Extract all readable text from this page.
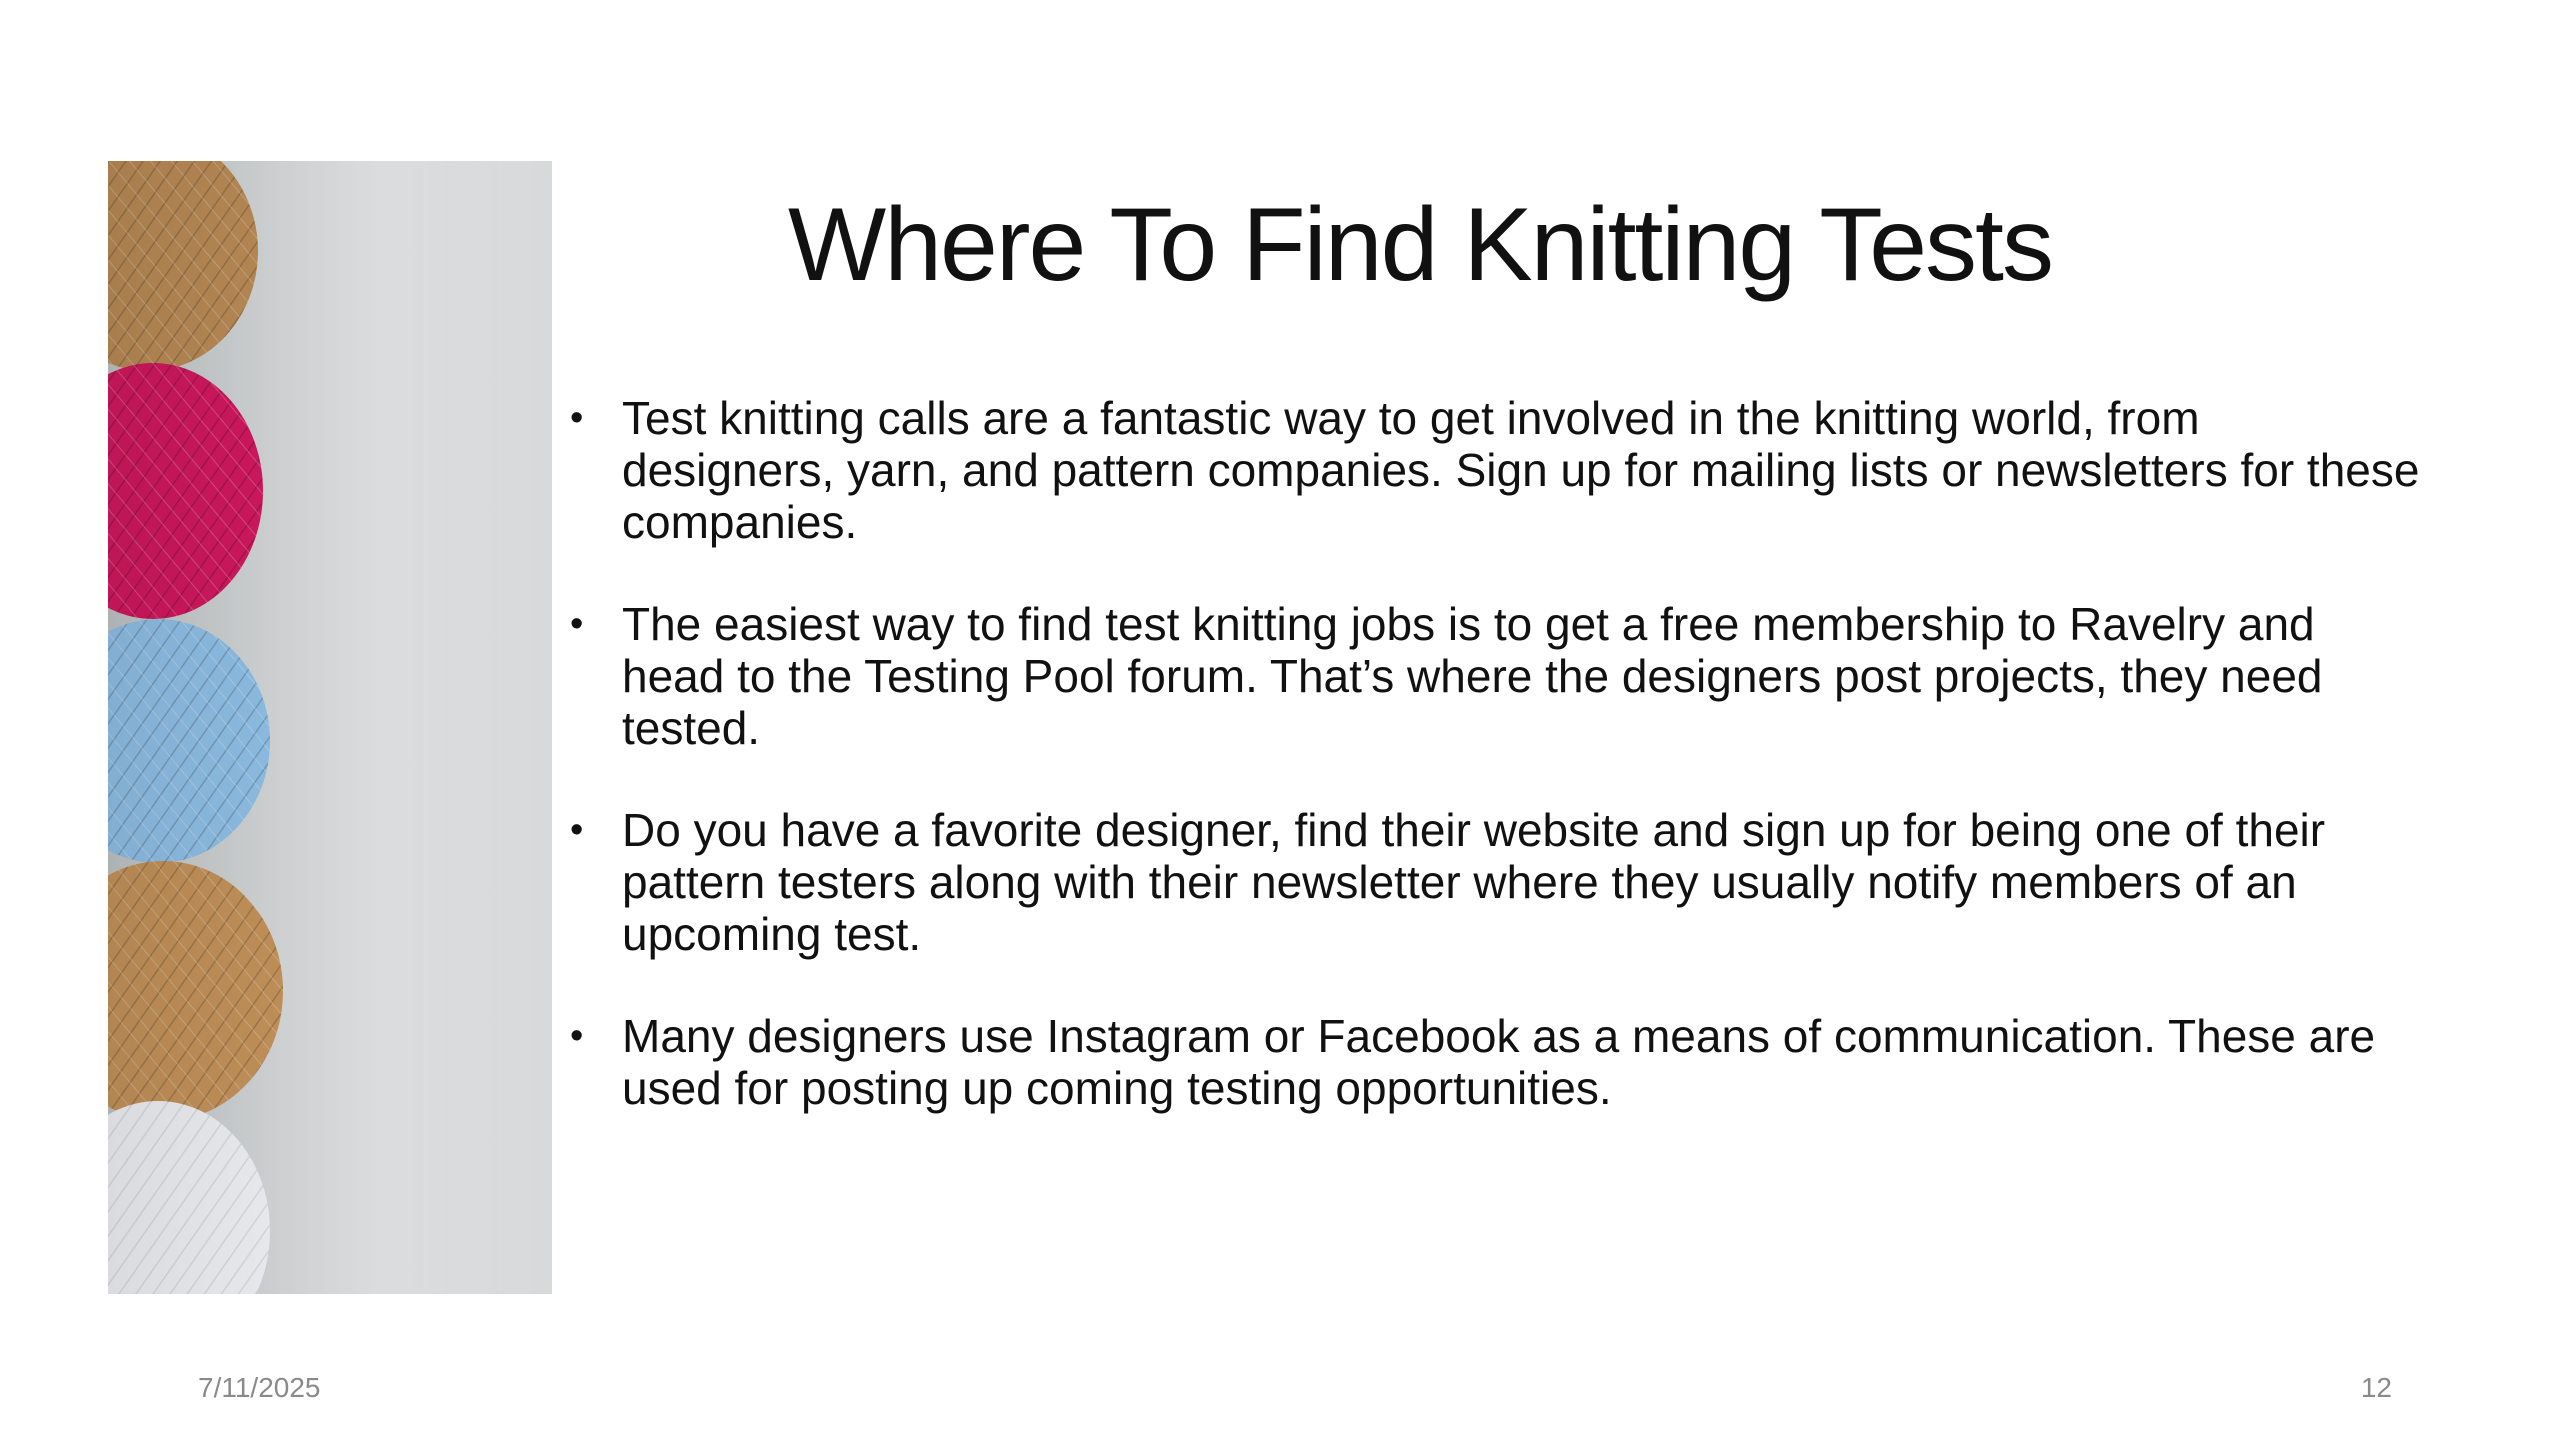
Where To Find Knitting Tests
• Test knitting calls are a fantastic way to get involved in the knitting world, from designers, yarn, and pattern companies. Sign up for mailing lists or newsletters for these companies.
• The easiest way to find test knitting jobs is to get a free membership to Ravelry and head to the Testing Pool forum. That’s where the designers post projects, they need tested.
• Do you have a favorite designer, find their website and sign up for being one of their pattern testers along with their newsletter where they usually notify members of an upcoming test.
• Many designers use Instagram or Facebook as a means of communication. These are used for posting up coming testing opportunities.
7/11/2025	12
